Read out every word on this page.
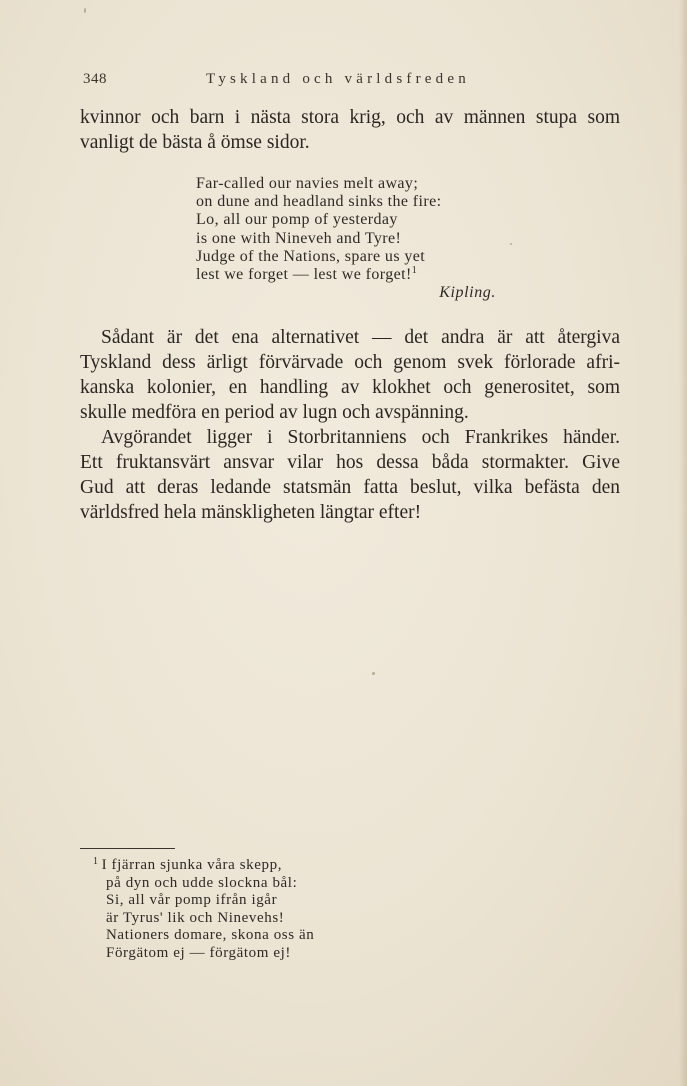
348	Tyskland och världsfreden

kvinnor och barn i nästa stora krig, och av männen stupa som
vanligt de bästa å ömse sidor.

Far-called our navies melt away;
on dune and headland sinks the fire:
Lo, all our pomp of yesterday
is one with Nineveh and Tyre!
Judge of the Nations, spare us yet
lest we forget — lest we forget!$^1$
Kipling.
Sådant är det ena alternativet — det andra är att återgiva
Tyskland dess ärligt förvärvade och genom svek förlorade afri-
kanska kolonier, en handling av klokhet och generositet, som
skulle medföra en period av lugn och avspänning.
Avgörandet ligger i Storbritanniens och Frankrikes händer.
Ett fruktansvärt ansvar vilar hos dessa båda stormakter. Give
Gud att deras ledande statsmän fatta beslut, vilka befästa den
världsfred hela mänskligheten längtar efter!
$^1$ I fjärran sjunka våra skepp,
på dyn och udde slockna bål:
Si, all vår pomp ifrån igår
är Tyrus' lik och Ninevehs!
Nationers domare, skona oss än
Förgätom ej — förgätom ej!
